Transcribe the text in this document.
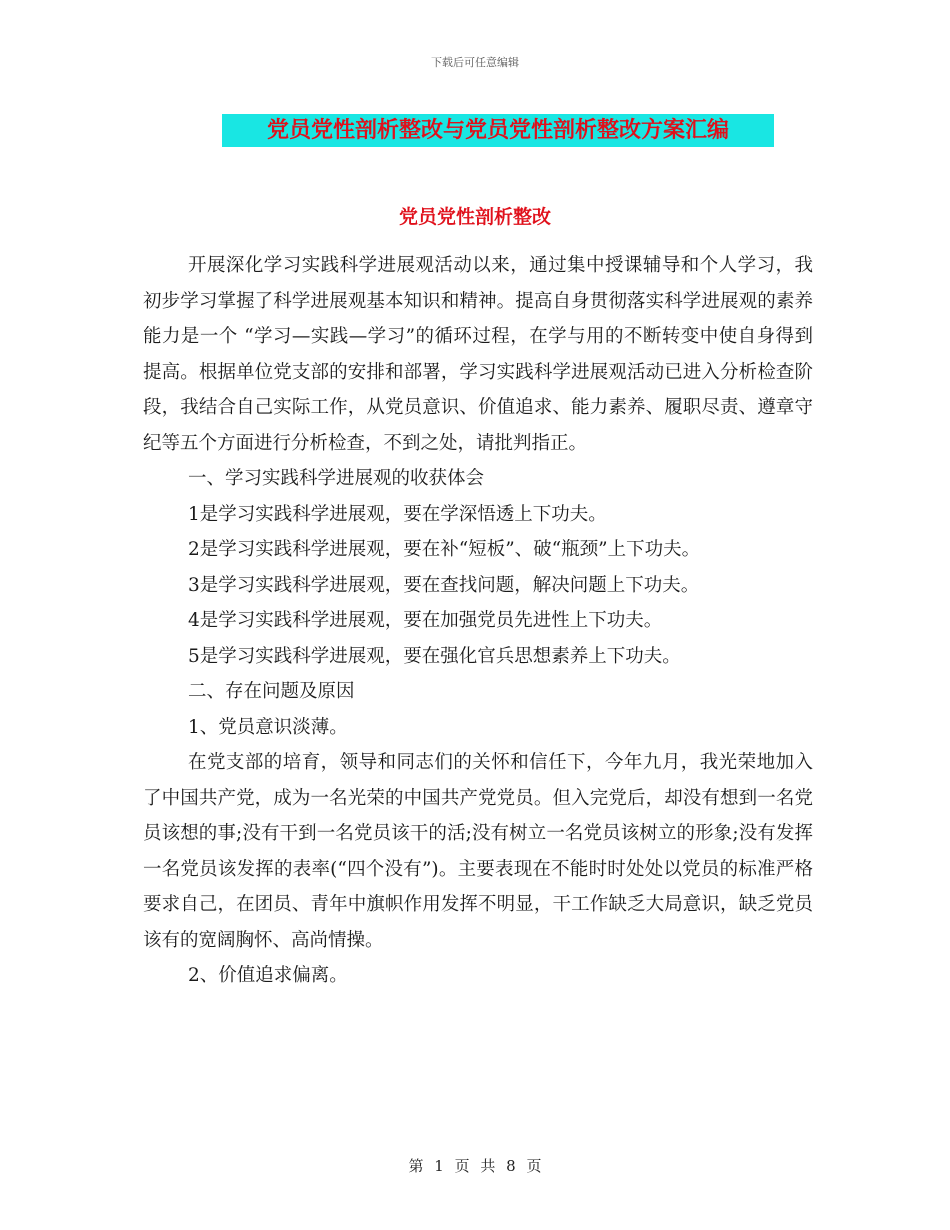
下载后可任意编辑
党员党性剖析整改与党员党性剖析整改方案汇编
党员党性剖析整改

开展深化学习实践科学进展观活动以来，通过集中授课辅导和个人学习，我初步学习掌握了科学进展观基本知识和精神。提高自身贯彻落实科学进展观的素养能力是一个 “学习—实践—学习”的循环过程，在学与用的不断转变中使自身得到提高。根据单位党支部的安排和部署，学习实践科学进展观活动已进入分析检查阶段，我结合自己实际工作，从党员意识、价值追求、能力素养、履职尽责、遵章守纪等五个方面进行分析检查，不到之处，请批判指正。

一、学习实践科学进展观的收获体会

1是学习实践科学进展观，要在学深悟透上下功夫。

2是学习实践科学进展观，要在补“短板”、破“瓶颈”上下功夫。

3是学习实践科学进展观，要在查找问题，解决问题上下功夫。

4是学习实践科学进展观，要在加强党员先进性上下功夫。

5是学习实践科学进展观，要在强化官兵思想素养上下功夫。

二、存在问题及原因

1、党员意识淡薄。

在党支部的培育，领导和同志们的关怀和信任下，今年九月，我光荣地加入了中国共产党，成为一名光荣的中国共产党党员。但入完党后，却没有想到一名党员该想的事;没有干到一名党员该干的活;没有树立一名党员该树立的形象;没有发挥一名党员该发挥的表率(“四个没有”)。主要表现在不能时时处处以党员的标准严格要求自己，在团员、青年中旗帜作用发挥不明显，干工作缺乏大局意识，缺乏党员该有的宽阔胸怀、高尚情操。

2、价值追求偏离。

第 1 页 共 8 页
